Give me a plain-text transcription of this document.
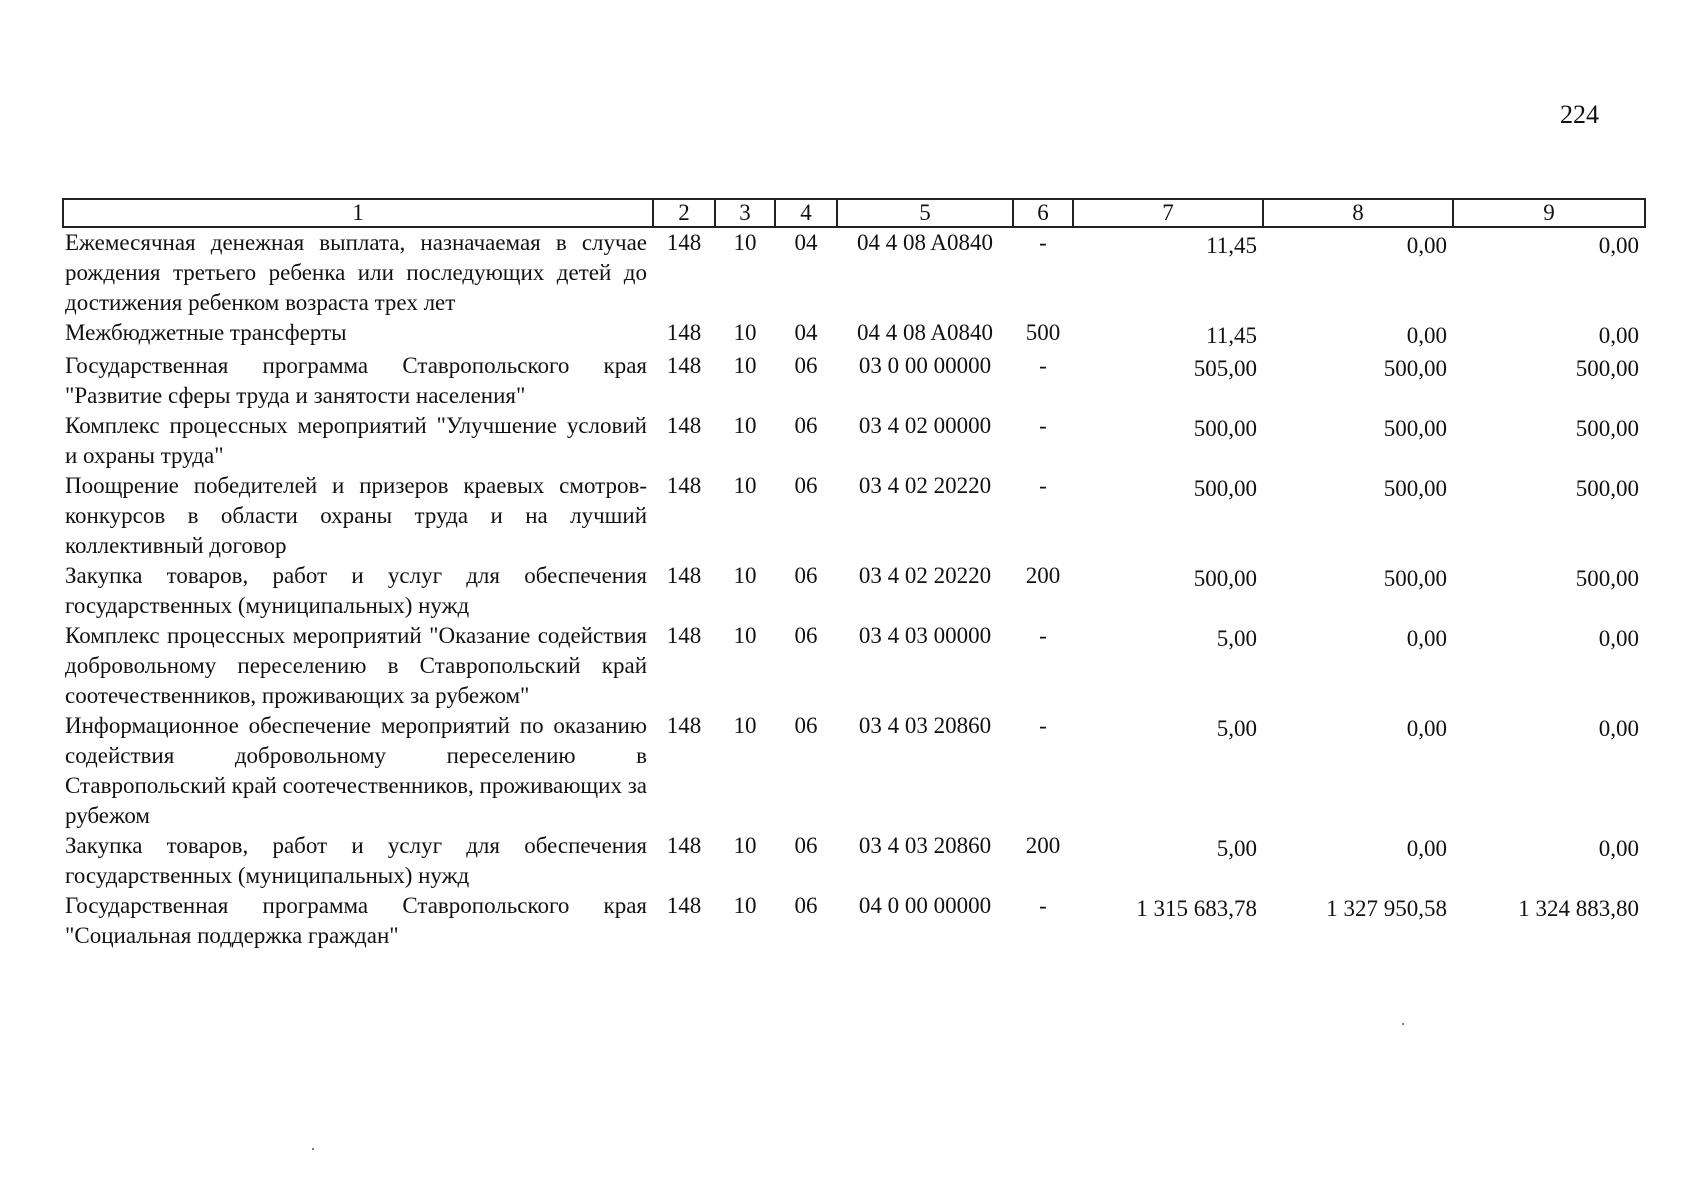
224
1	2	3	4	5	6	7	8	9
Ежемесячная денежная выплата, назначаемая в случае рождения третьего ребенка или последующих детей до достижения ребенком возраста трех лет	148	10	04	04 4 08 A0840	-	11,45	0,00	0,00
Межбюджетные трансферты	148	10	04	04 4 08 A0840	500	11,45	0,00	0,00
Государственная программа Ставропольского края "Развитие сферы труда и занятости населения"	148	10	06	03 0 00 00000	-	505,00	500,00	500,00
Комплекс процессных мероприятий "Улучшение условий и охраны труда"	148	10	06	03 4 02 00000	-	500,00	500,00	500,00
Поощрение победителей и призеров краевых смотров-конкурсов в области охраны труда и на лучший коллективный договор	148	10	06	03 4 02 20220	-	500,00	500,00	500,00
Закупка товаров, работ и услуг для обеспечения государственных (муниципальных) нужд	148	10	06	03 4 02 20220	200	500,00	500,00	500,00
Комплекс процессных мероприятий "Оказание содействия добровольному переселению в Ставропольский край соотечественников, проживающих за рубежом"	148	10	06	03 4 03 00000	-	5,00	0,00	0,00
Информационное обеспечение мероприятий по оказанию содействия добровольному переселению в Ставропольский край соотечественников, проживающих за рубежом	148	10	06	03 4 03 20860	-	5,00	0,00	0,00
Закупка товаров, работ и услуг для обеспечения государственных (муниципальных) нужд	148	10	06	03 4 03 20860	200	5,00	0,00	0,00
Государственная программа Ставропольского края "Социальная поддержка граждан"	148	10	06	04 0 00 00000	-	1 315 683,78	1 327 950,58	1 324 883,80
